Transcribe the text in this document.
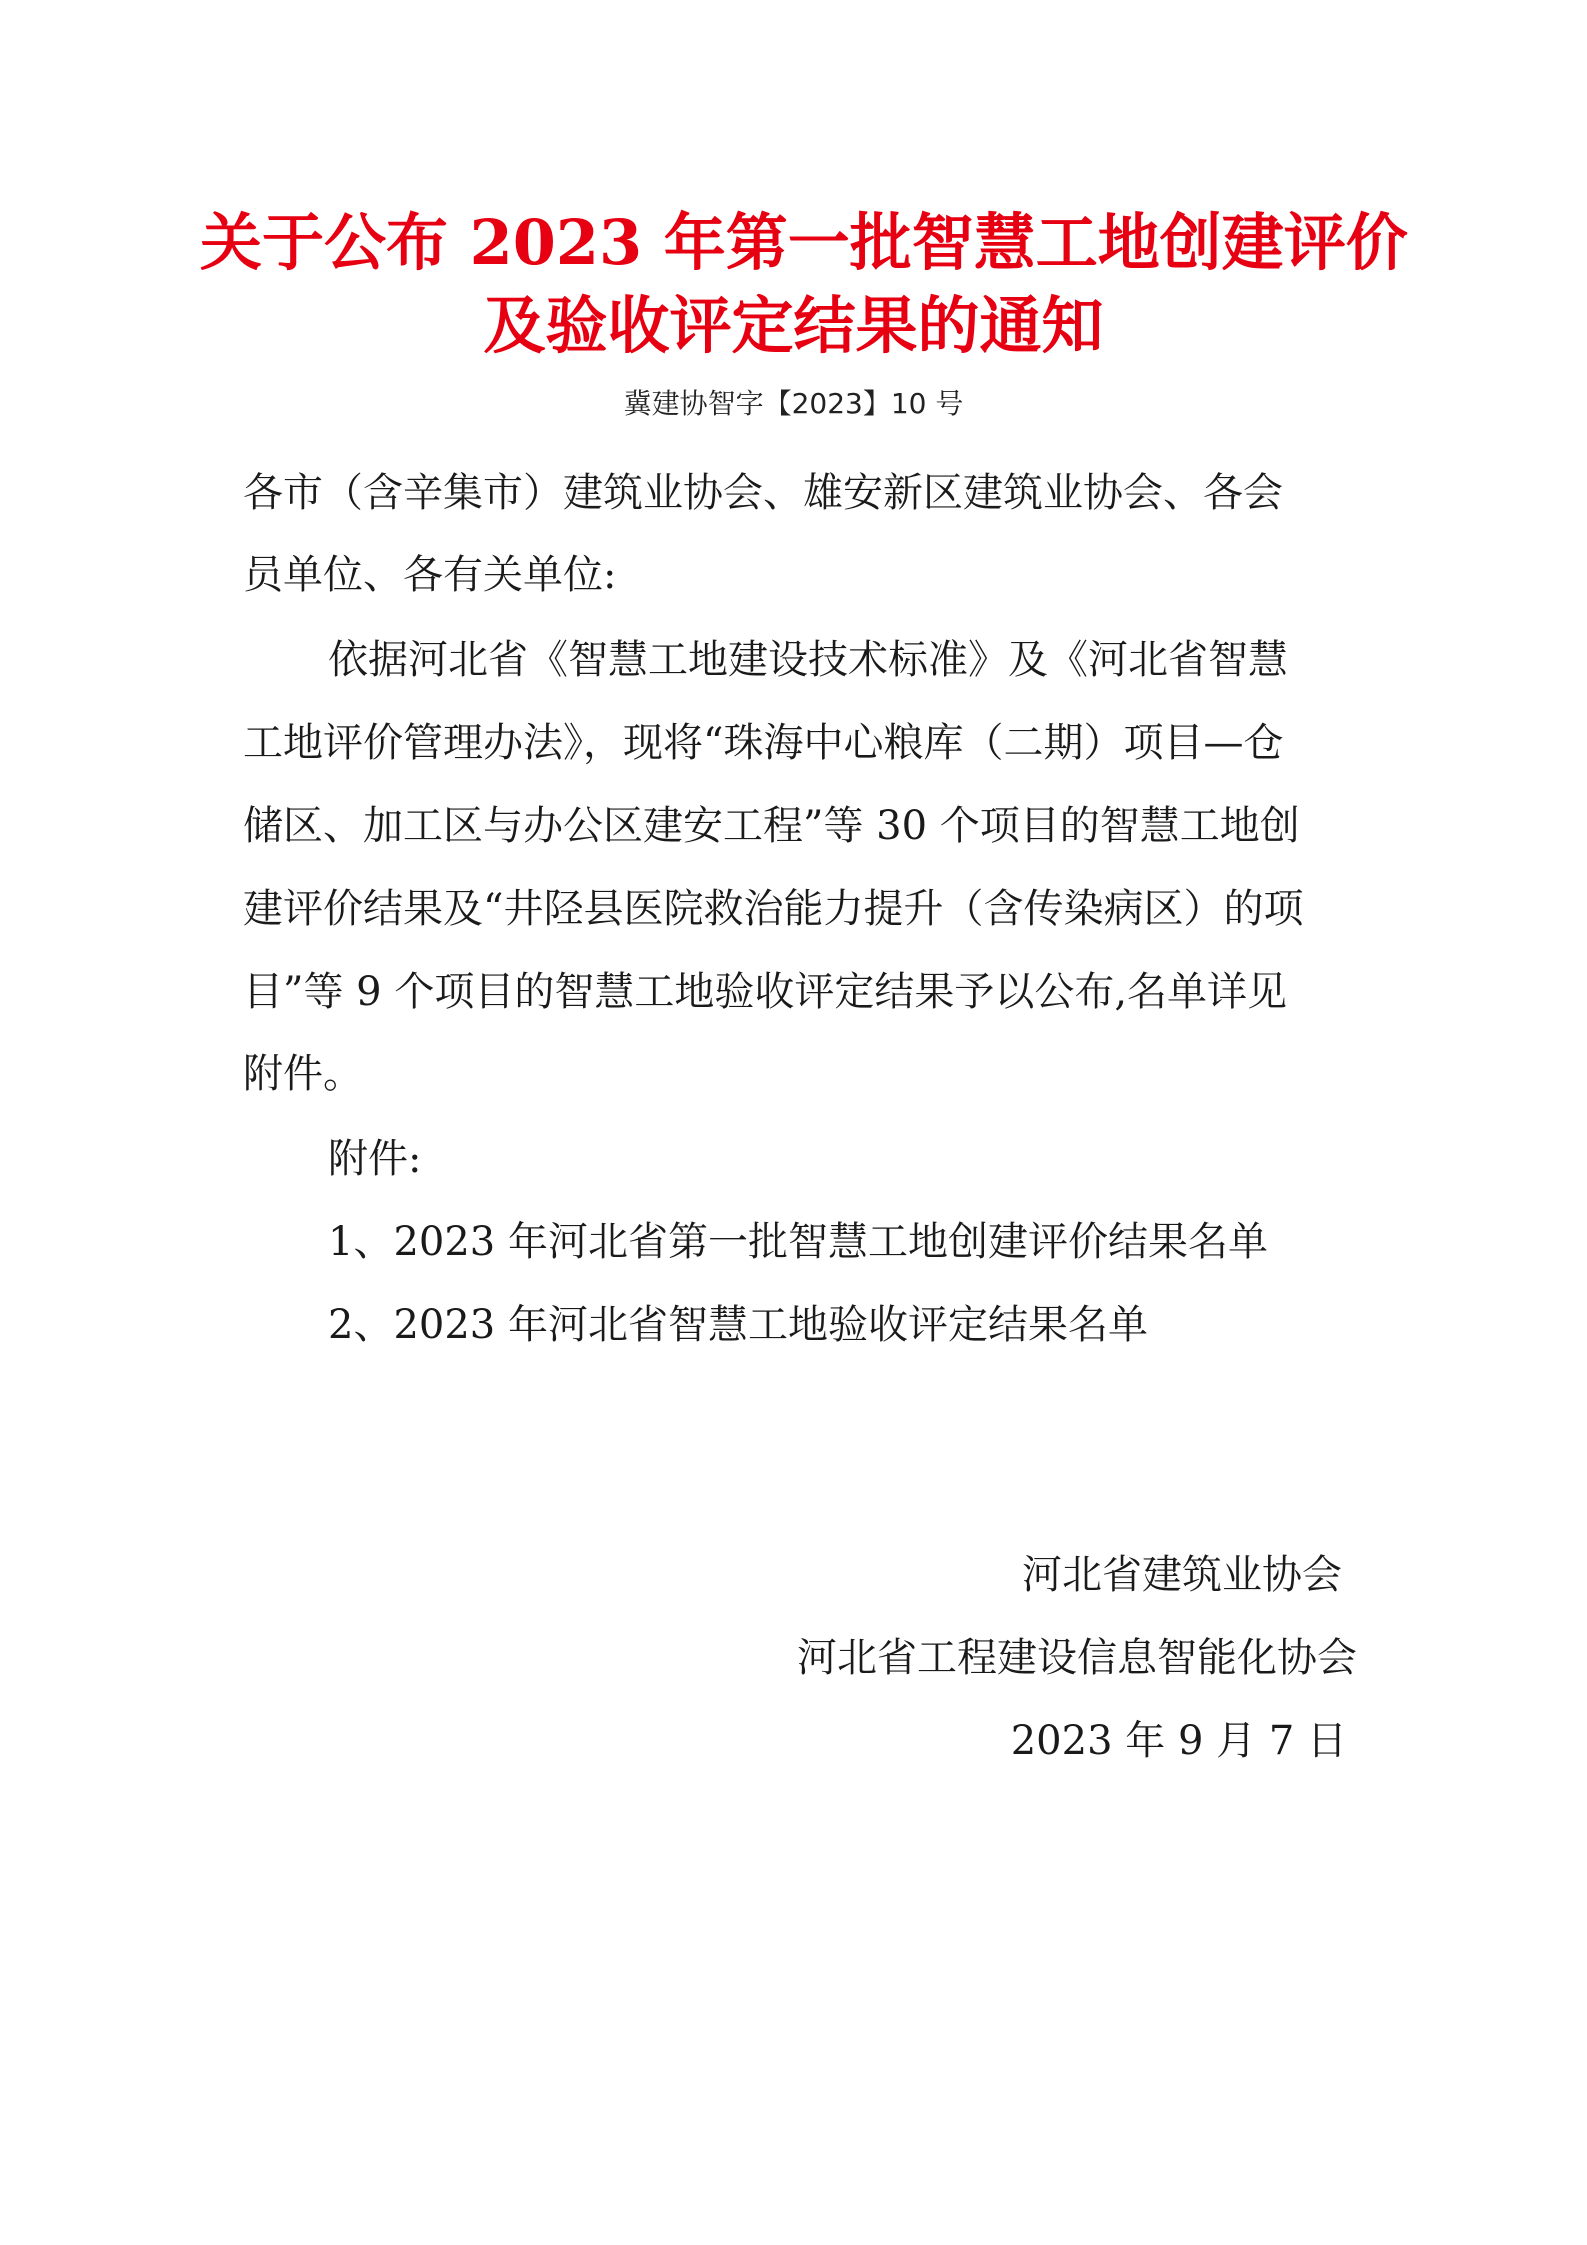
关于公布 2023 年第一批智慧工地创建评价
及验收评定结果的通知
冀建协智字【2023】10 号
各市（含辛集市）建筑业协会、雄安新区建筑业协会、各会
员单位、各有关单位:
依据河北省《智慧工地建设技术标准》及《河北省智慧
工地评价管理办法》，现将“珠海中心粮库（二期）项目—仓
储区、加工区与办公区建安工程”等 30 个项目的智慧工地创
建评价结果及“井陉县医院救治能力提升（含传染病区）的项
目”等 9 个项目的智慧工地验收评定结果予以公布,名单详见
附件。
附件:
1、2023 年河北省第一批智慧工地创建评价结果名单
2、2023 年河北省智慧工地验收评定结果名单
河北省建筑业协会
河北省工程建设信息智能化协会
2023 年 9 月 7 日
